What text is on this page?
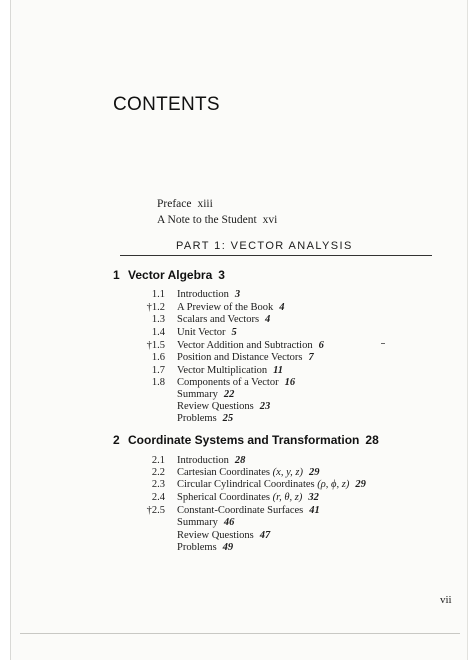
CONTENTS
Preface xiii
A Note to the Student xvi
PART 1: VECTOR ANALYSIS
1 Vector Algebra 3
1.1 Introduction 3
†1.2 A Preview of the Book 4
1.3 Scalars and Vectors 4
1.4 Unit Vector 5
†1.5 Vector Addition and Subtraction 6
1.6 Position and Distance Vectors 7
1.7 Vector Multiplication 11
1.8 Components of a Vector 16
Summary 22
Review Questions 23
Problems 25
2 Coordinate Systems and Transformation 28
2.1 Introduction 28
2.2 Cartesian Coordinates (x, y, z) 29
2.3 Circular Cylindrical Coordinates (ρ, ϕ, z) 29
2.4 Spherical Coordinates (r, θ, z) 32
†2.5 Constant-Coordinate Surfaces 41
Summary 46
Review Questions 47
Problems 49
vii
